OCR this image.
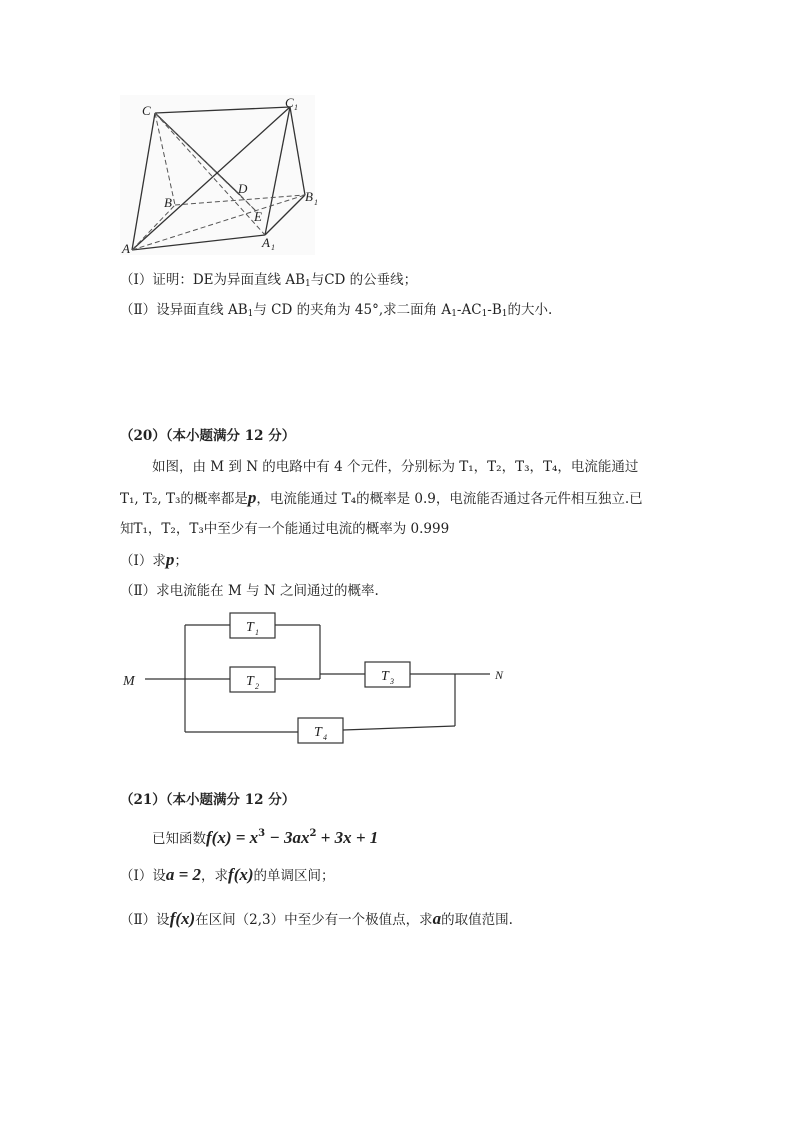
C
C 1
B	B 1
D
E
A	A 1
（Ⅰ）证明：DE为异面直线 $AB_1$与CD 的公垂线；
（Ⅱ）设异面直线 $AB_1$与 CD 的夹角为 45°,求二面角 $A_1-AC_1-B_1$的大小.
（20）（本小题满分 12 分）
如图，由 M 到 N 的电路中有 4 个元件，分别标为 T₁，T₂，T₃，T₄，电流能通过
T₁, T₂, T₃的概率都是p，电流能通过 T₄的概率是 0.9，电流能否通过各元件相互独立.已
知T₁，T₂，T₃中至少有一个能通过电流的概率为 0.999
（Ⅰ）求p；
（Ⅱ）求电流能在 M 与 N 之间通过的概率.
M	N
T 1
T 2
T 3
T 4
（21）（本小题满分 12 分）
已知函数$f(x) = x^3 - 3ax^2 + 3x + 1$
（Ⅰ）设a = 2，求f(x)的单调区间；
（Ⅱ）设f(x)在区间（2,3）中至少有一个极值点，求a的取值范围.
